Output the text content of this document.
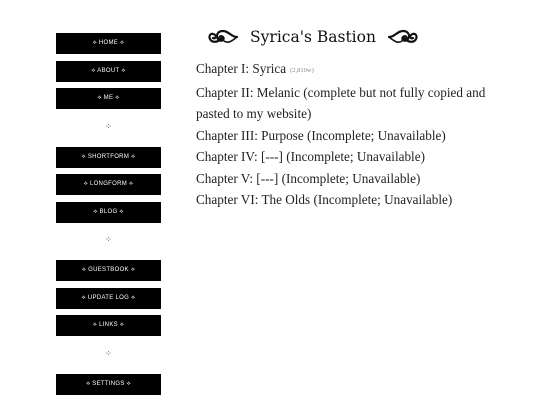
⟡ HOME ⟡
⟡ ABOUT ⟡
⟡ ME ⟡
⁘
⟡ SHORTFORM ⟡
⟡ LONGFORM ⟡
⟡ BLOG ⟡
⁘
⟡ GUESTBOOK ⟡
⟡ UPDATE LOG ⟡
⟡ LINKS ⟡
⁘
⟡ SETTINGS ⟡
Syrica's Bastion
Chapter I: Syrica (2,810w)
Chapter II: Melanic (complete but not fully copied and pasted to my website)
Chapter III: Purpose (Incomplete; Unavailable)
Chapter IV: [---] (Incomplete; Unavailable)
Chapter V: [---] (Incomplete; Unavailable)
Chapter VI: The Olds (Incomplete; Unavailable)
